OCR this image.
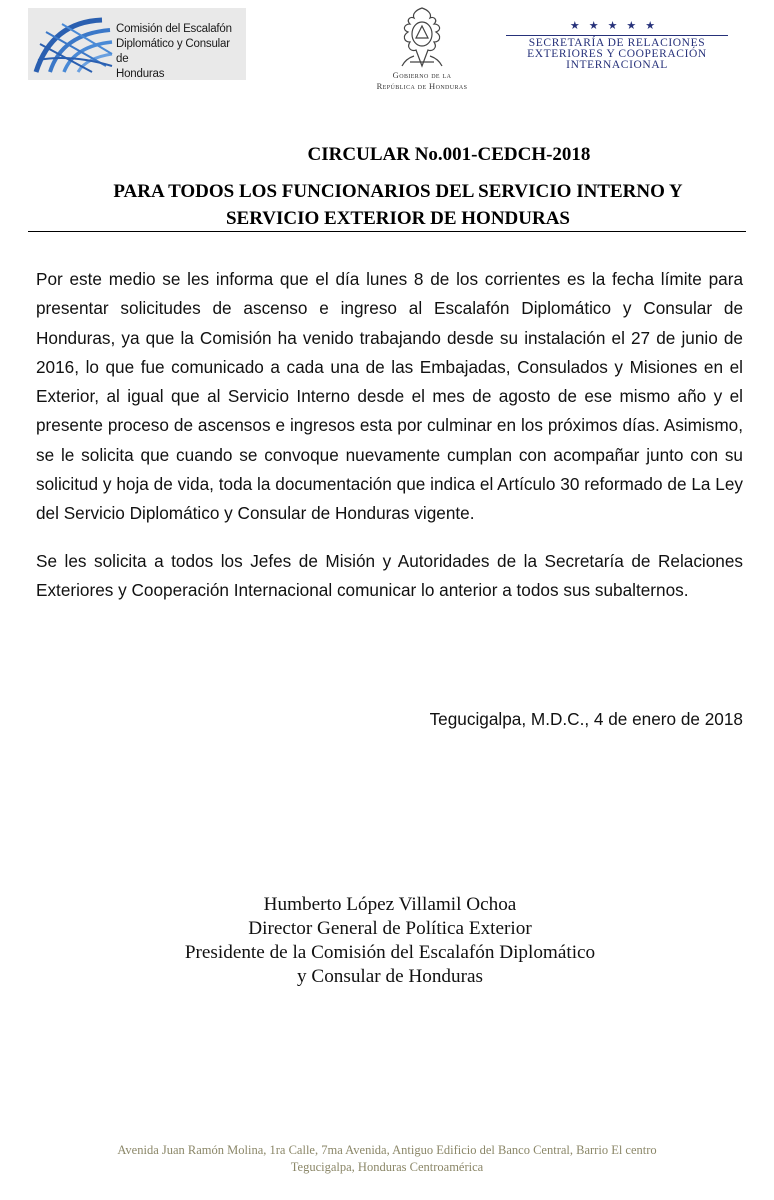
Comisión del Escalafón
Diplomático y Consular de
Honduras	Gobierno de la
República de Honduras
★★★★★
SECRETARÍA DE RELACIONES
EXTERIORES Y COOPERACIÓN
INTERNACIONAL
CIRCULAR No.001-CEDCH-2018
PARA TODOS LOS FUNCIONARIOS DEL SERVICIO INTERNO Y
SERVICIO EXTERIOR DE HONDURAS

Por este medio se les informa que el día lunes 8 de los corrientes es la fecha límite para presentar solicitudes de ascenso e ingreso al Escalafón Diplomático y Consular de Honduras, ya que la Comisión ha venido trabajando desde su instalación el 27 de junio de 2016, lo que fue comunicado a cada una de las Embajadas, Consulados y Misiones en el Exterior, al igual que al Servicio Interno desde el mes de agosto de ese mismo año y el presente proceso de ascensos e ingresos esta por culminar en los próximos días. Asimismo, se le solicita que cuando se convoque nuevamente cumplan con acompañar junto con su solicitud y hoja de vida, toda la documentación que indica el Artículo 30 reformado de La Ley del Servicio Diplomático y Consular de Honduras vigente.

Se les solicita a todos los Jefes de Misión y Autoridades de la Secretaría de Relaciones Exteriores y Cooperación Internacional comunicar lo anterior a todos sus subalternos.

Tegucigalpa, M.D.C., 4 de enero de 2018
Humberto López Villamil Ochoa
Director General de Política Exterior
Presidente de la Comisión del Escalafón Diplomático
y Consular de Honduras
Avenida Juan Ramón Molina, 1ra Calle, 7ma Avenida, Antiguo Edificio del Banco Central, Barrio El centro
Tegucigalpa, Honduras Centroamérica
